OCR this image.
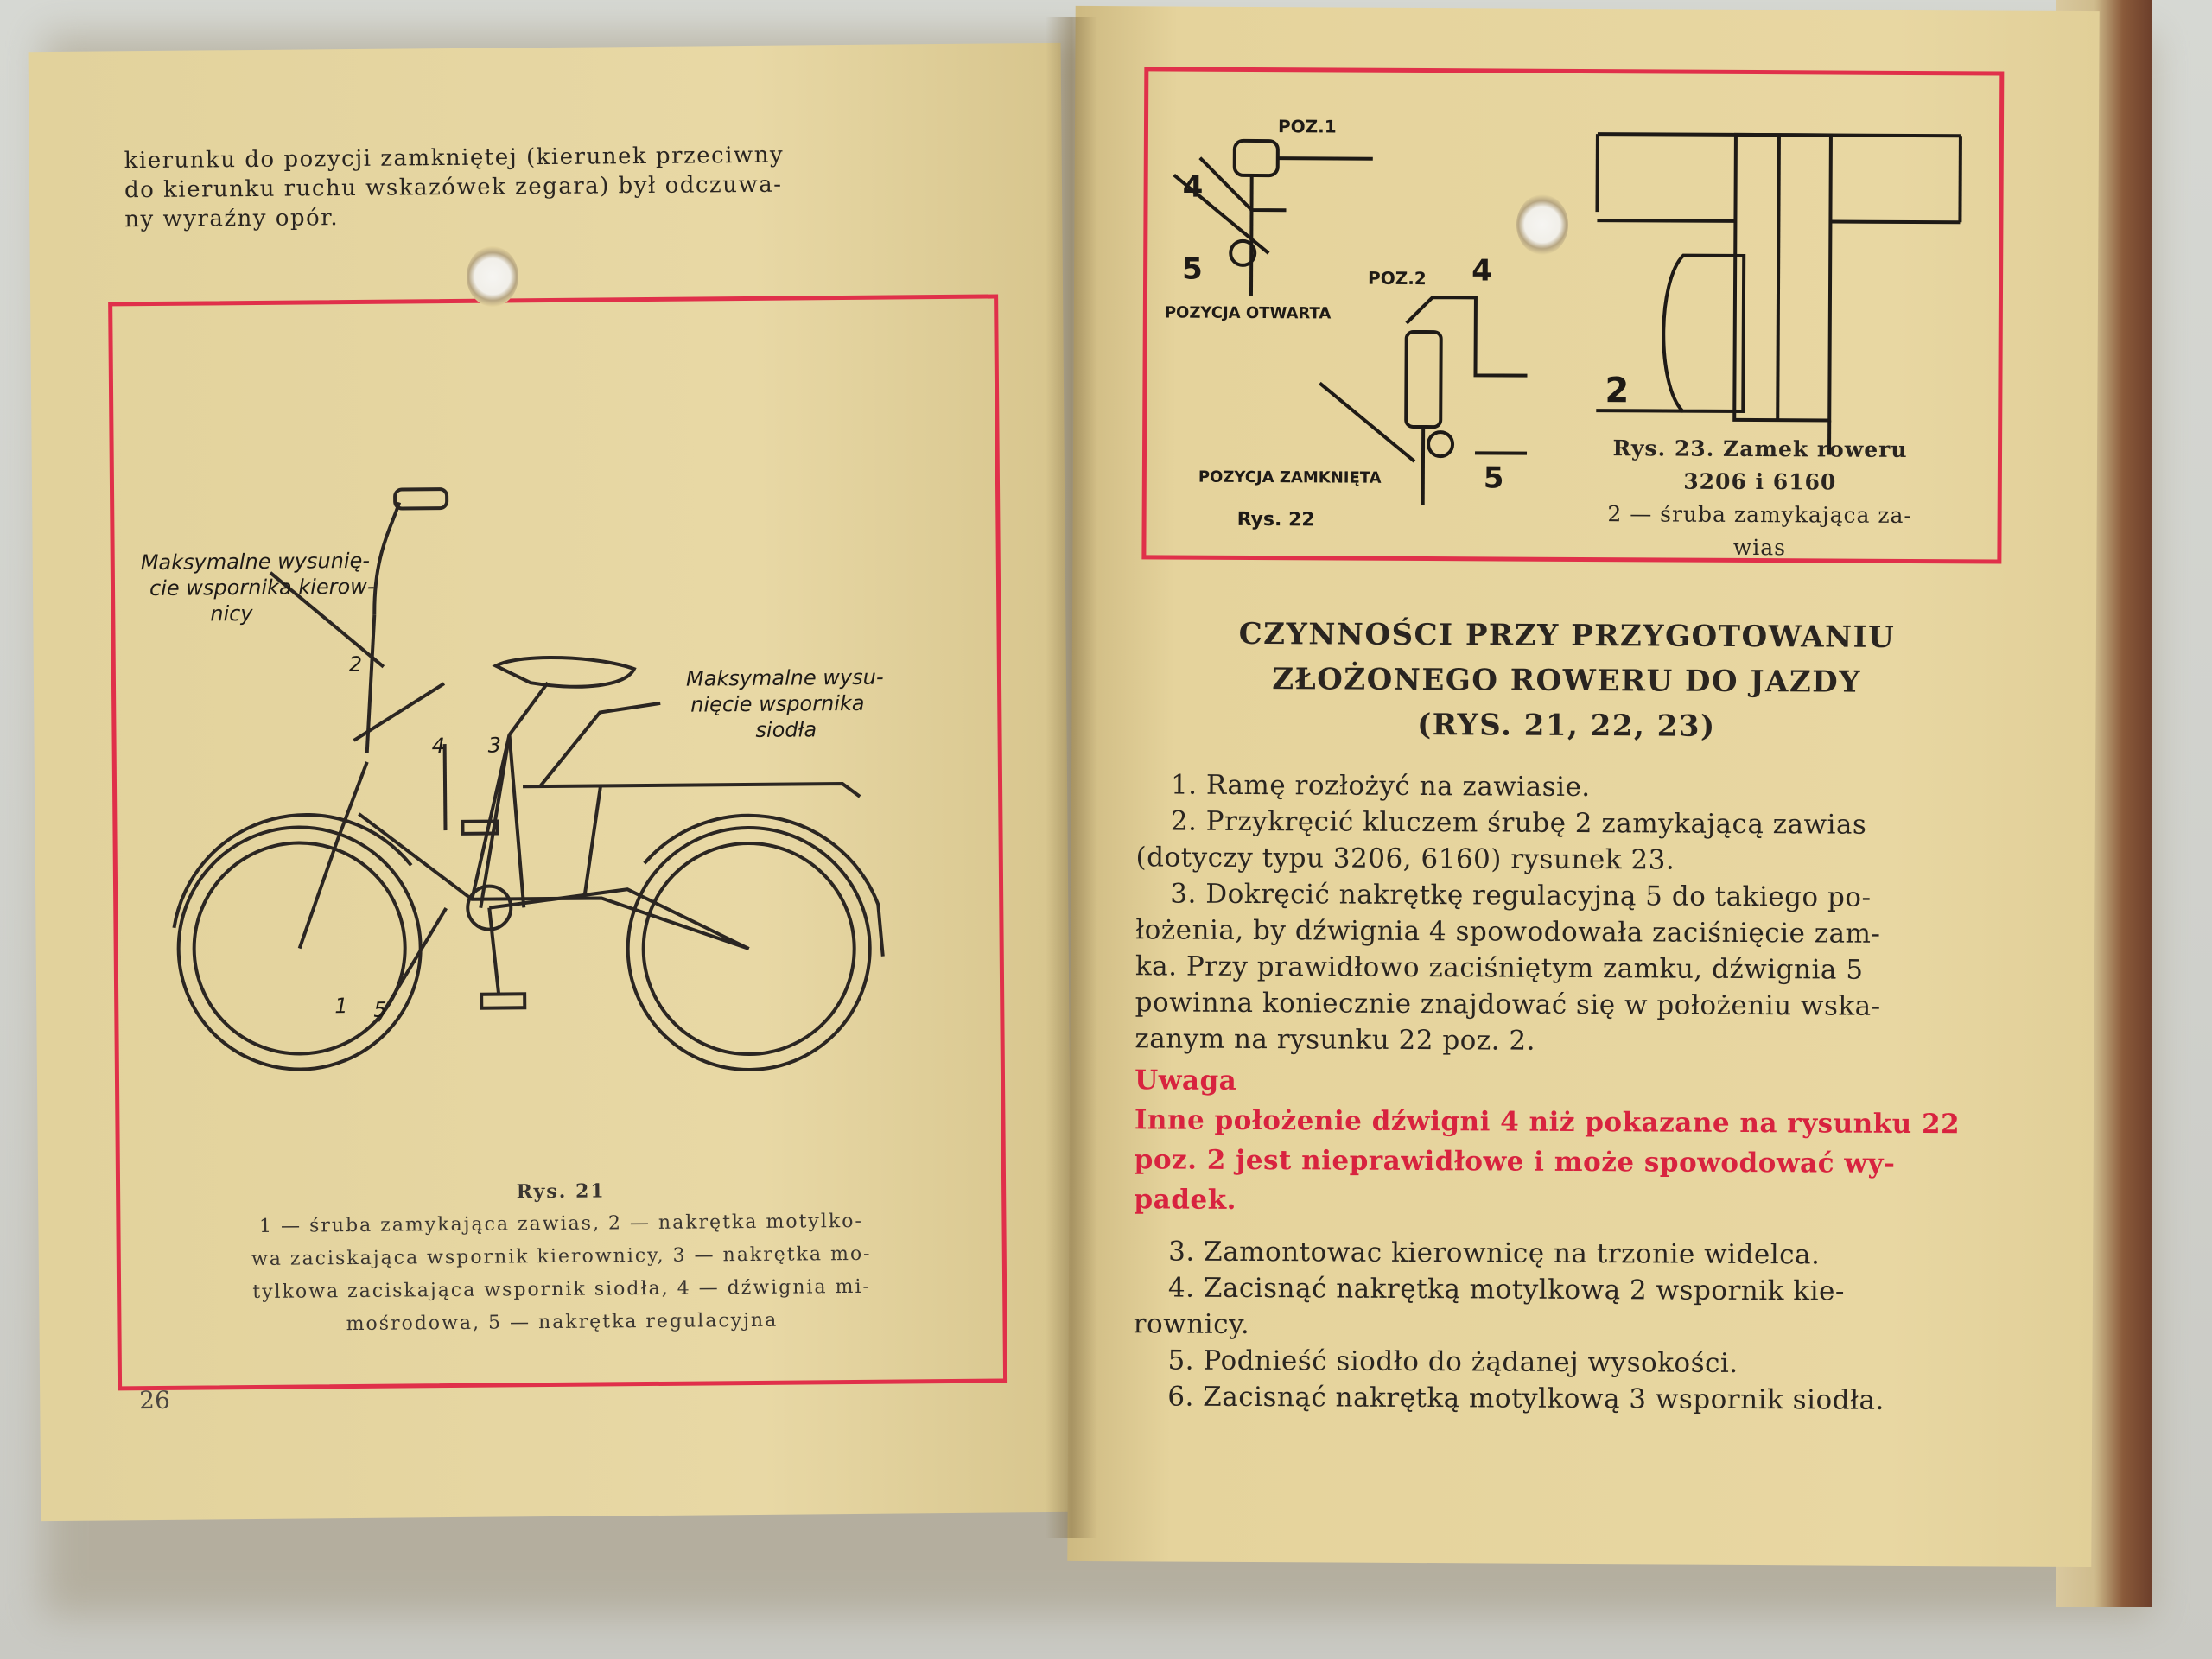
kierunku do pozycji zamkniętej (kierunek przeciwny
do kierunku ruchu wskazówek zegara) był odczuwa-
ny wyraźny opór.
Maksymalne wysunię-
cie wspornika kierow-
nicy
Maksymalne wysu-
nięcie wspornika
siodła
1
2
3
4
5
Rys. 21
1 — śruba zamykająca zawias, 2 — nakrętka motylko-
wa zaciskająca wspornik kierownicy, 3 — nakrętka mo-
tylkowa zaciskająca wspornik siodła, 4 — dźwignia mi-
mośrodowa, 5 — nakrętka regulacyjna
26
POZ.1
4
5
POZYCJA OTWARTA
POZ.2 4
5
POZYCJA ZAMKNIĘTA
Rys. 22
2
Rys. 23. Zamek roweru
3206 i 6160
2 — śruba zamykająca za-
wias
CZYNNOŚCI PRZY PRZYGOTOWANIU
ZŁOŻONEGO ROWERU DO JAZDY
(RYS. 21, 22, 23)
1. Ramę rozłożyć na zawiasie.
2. Przykręcić kluczem śrubę 2 zamykającą zawias
(dotyczy typu 3206, 6160) rysunek 23.
3. Dokręcić nakrętkę regulacyjną 5 do takiego po-
łożenia, by dźwignia 4 spowodowała zaciśnięcie zam-
ka. Przy prawidłowo zaciśniętym zamku, dźwignia 5
powinna koniecznie znajdować się w położeniu wska-
zanym na rysunku 22 poz. 2.
Uwaga
Inne położenie dźwigni 4 niż pokazane na rysunku 22
poz. 2 jest nieprawidłowe i może spowodować wy-
padek.
3. Zamontowac kierownicę na trzonie widelca.
4. Zacisnąć nakrętką motylkową 2 wspornik kie-
rownicy.
5. Podnieść siodło do żądanej wysokości.
6. Zacisnąć nakrętką motylkową 3 wspornik siodła.
